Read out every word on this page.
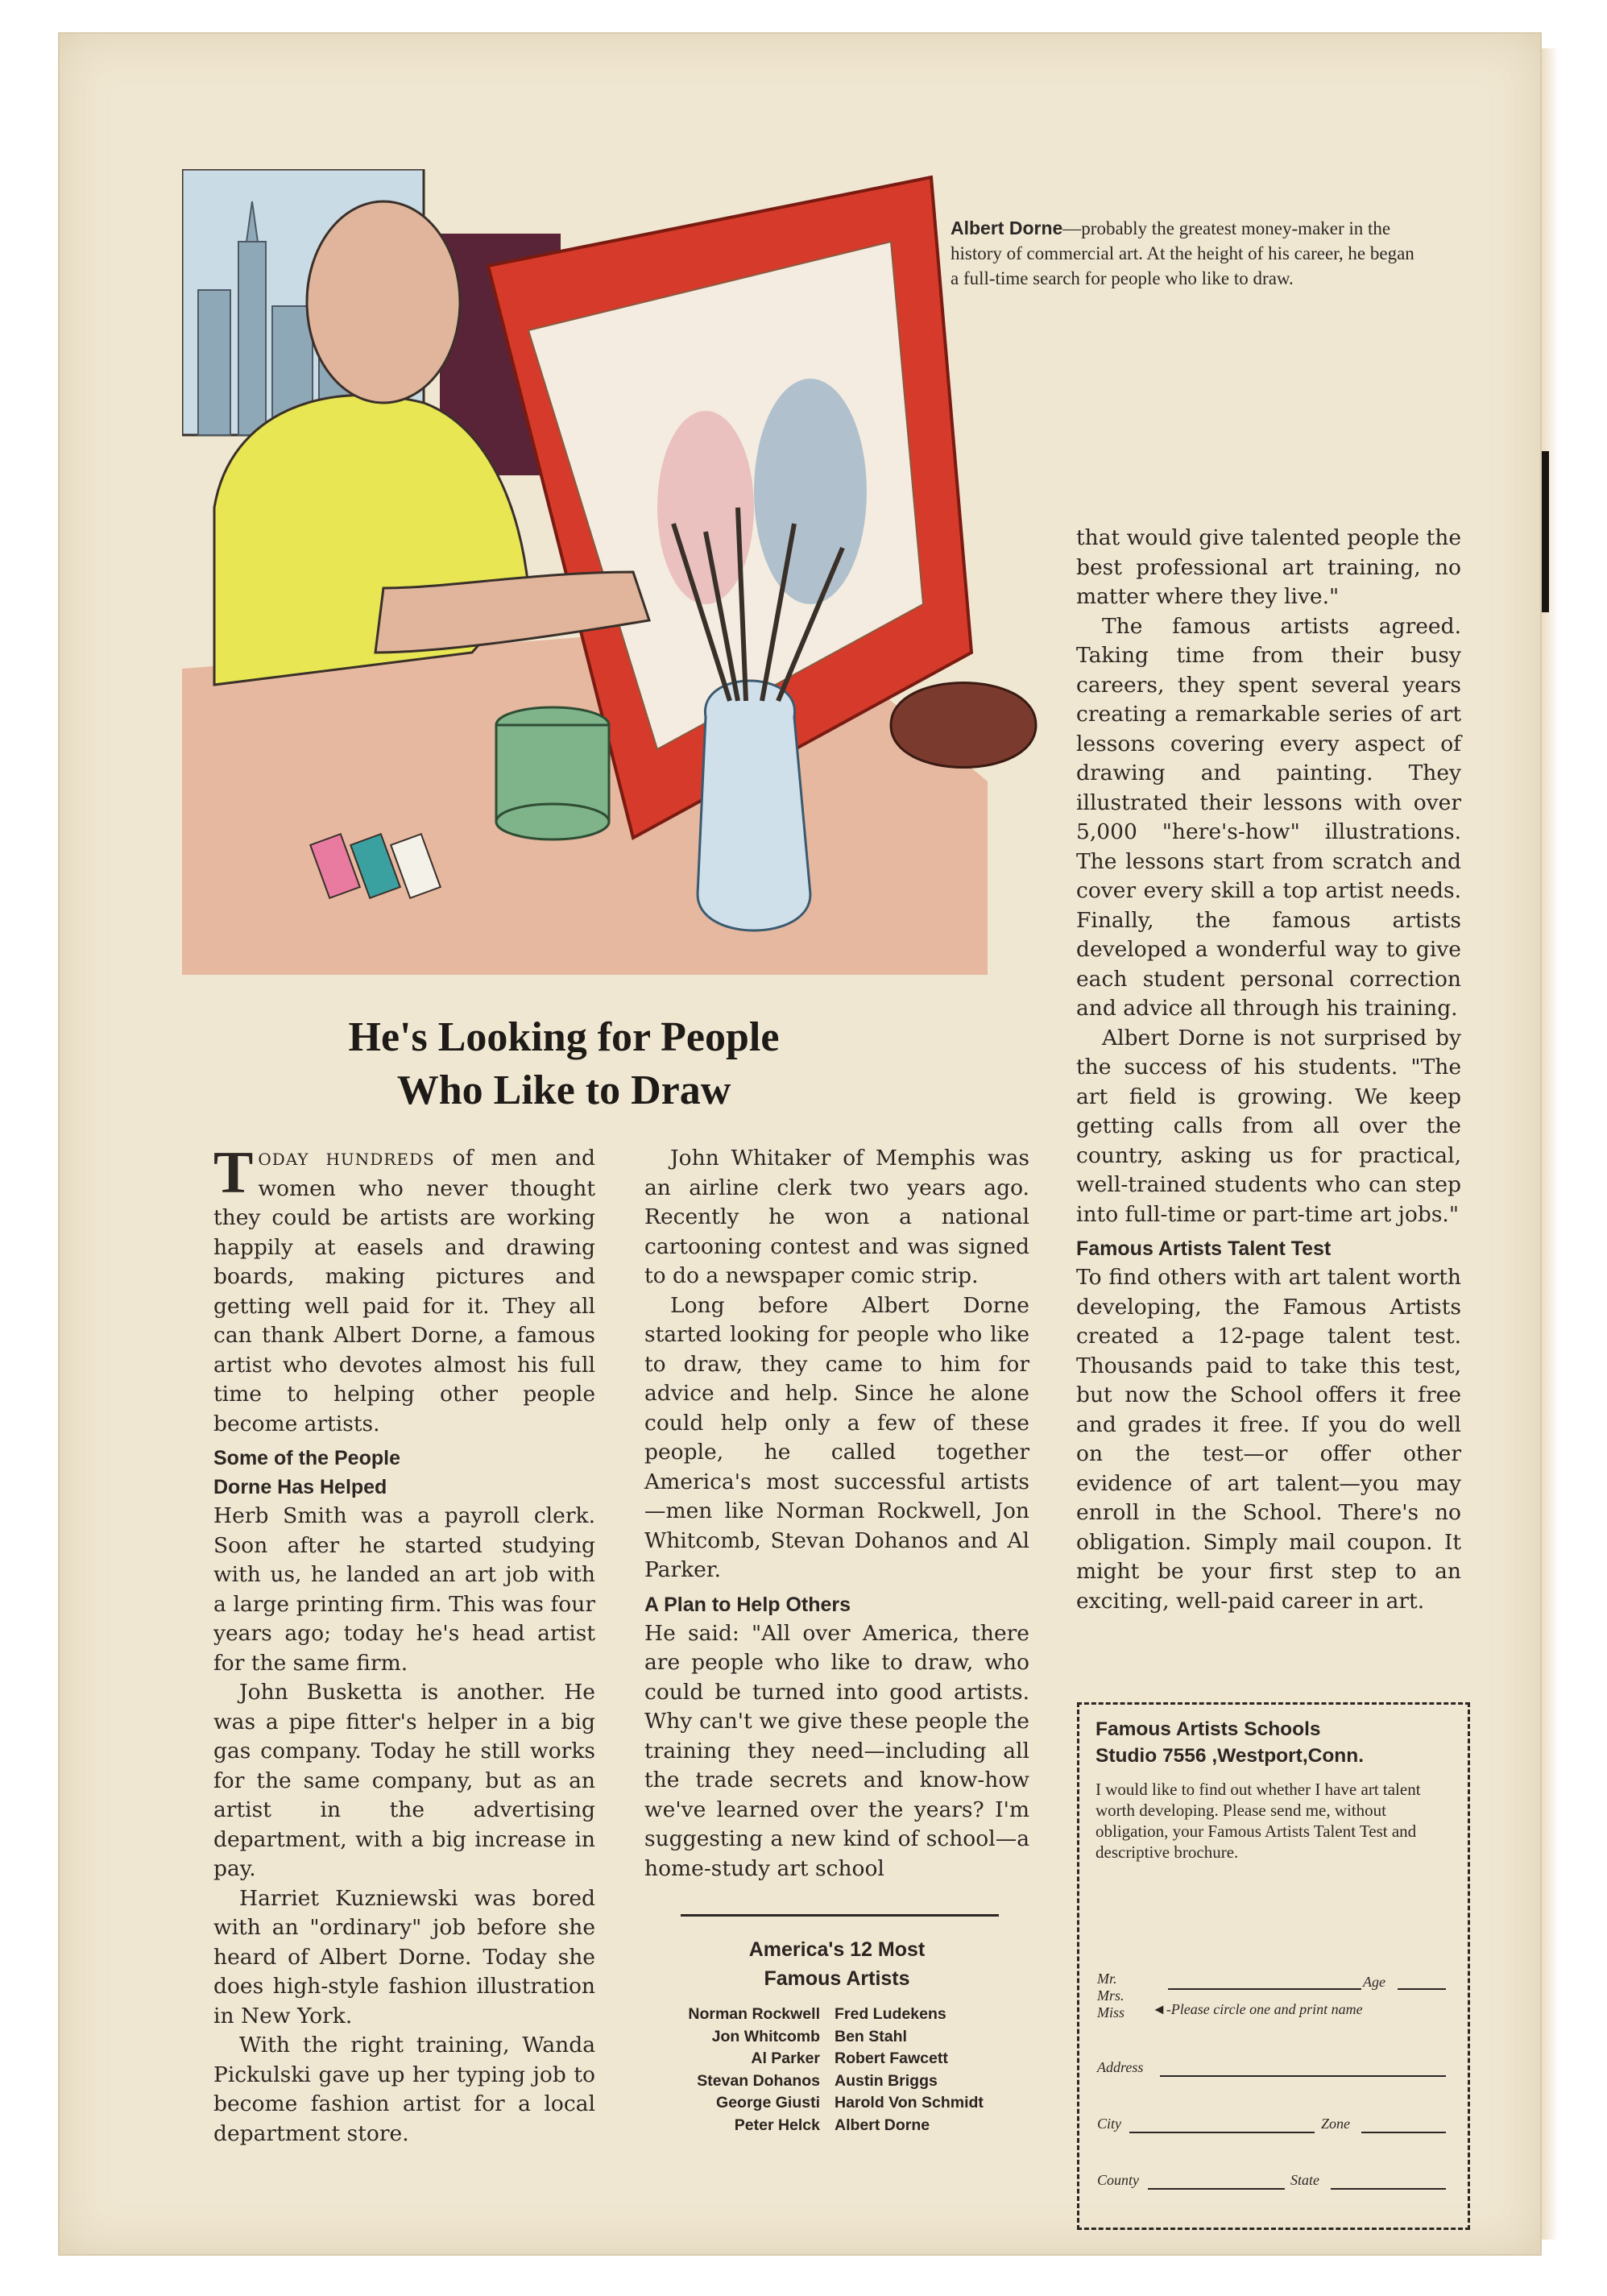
Albert Dorne—probably the greatest money-maker in the history of commercial art. At the height of his career, he began a full-time search for people who like to draw.
He's Looking for People
Who Like to Draw

TODAY HUNDREDS of men and women who never thought they could be artists are working happily at easels and drawing boards, making pictures and getting well paid for it. They all can thank Albert Dorne, a famous artist who devotes almost his full time to helping other people become artists.

Some of the People
Dorne Has Helped

Herb Smith was a payroll clerk. Soon after he started studying with us, he landed an art job with a large printing firm. This was four years ago; today he's head artist for the same firm.

John Busketta is another. He was a pipe fitter's helper in a big gas company. Today he still works for the same company, but as an artist in the advertising department, with a big increase in pay.

Harriet Kuzniewski was bored with an "ordinary" job before she heard of Albert Dorne. Today she does high-style fashion illustration in New York.

With the right training, Wanda Pickulski gave up her typing job to become fashion artist for a local department store.

John Whitaker of Memphis was an airline clerk two years ago. Recently he won a national cartooning contest and was signed to do a newspaper comic strip.

Long before Albert Dorne started looking for people who like to draw, they came to him for advice and help. Since he alone could help only a few of these people, he called together America's most successful artists —men like Norman Rockwell, Jon Whitcomb, Stevan Dohanos and Al Parker.

A Plan to Help Others

He said: "All over America, there are people who like to draw, who could be turned into good artists. Why can't we give these people the training they need—including all the trade secrets and know-how we've learned over the years? I'm suggesting a new kind of school—a home-study art school

America's 12 Most
Famous Artists
Norman Rockwell Fred Ludekens
Jon Whitcomb Ben Stahl
Al Parker Robert Fawcett
Stevan Dohanos Austin Briggs
George Giusti Harold Von Schmidt
Peter Helck Albert Dorne

that would give talented people the best professional art training, no matter where they live."

The famous artists agreed. Taking time from their busy careers, they spent several years creating a remarkable series of art lessons covering every aspect of drawing and painting. They illustrated their lessons with over 5,000 "here's-how" illustrations. The lessons start from scratch and cover every skill a top artist needs. Finally, the famous artists developed a wonderful way to give each student personal correction and advice all through his training.

Albert Dorne is not surprised by the success of his students. "The art field is growing. We keep getting calls from all over the country, asking us for practical, well-trained students who can step into full-time or part-time art jobs."

Famous Artists Talent Test

To find others with art talent worth developing, the Famous Artists created a 12-page talent test. Thousands paid to take this test, but now the School offers it free and grades it free. If you do well on the test—or offer other evidence of art talent—you may enroll in the School. There's no obligation. Simply mail coupon. It might be your first step to an exciting, well-paid career in art.

Famous Artists Schools
Studio 7556 ,Westport,Conn.
I would like to find out whether I have art talent worth developing. Please send me, without obligation, your Famous Artists Talent Test and descriptive brochure.
Mr.
Mrs.
Miss
Age
◄-Please circle one and print name
Address
City	Zone
County	State
